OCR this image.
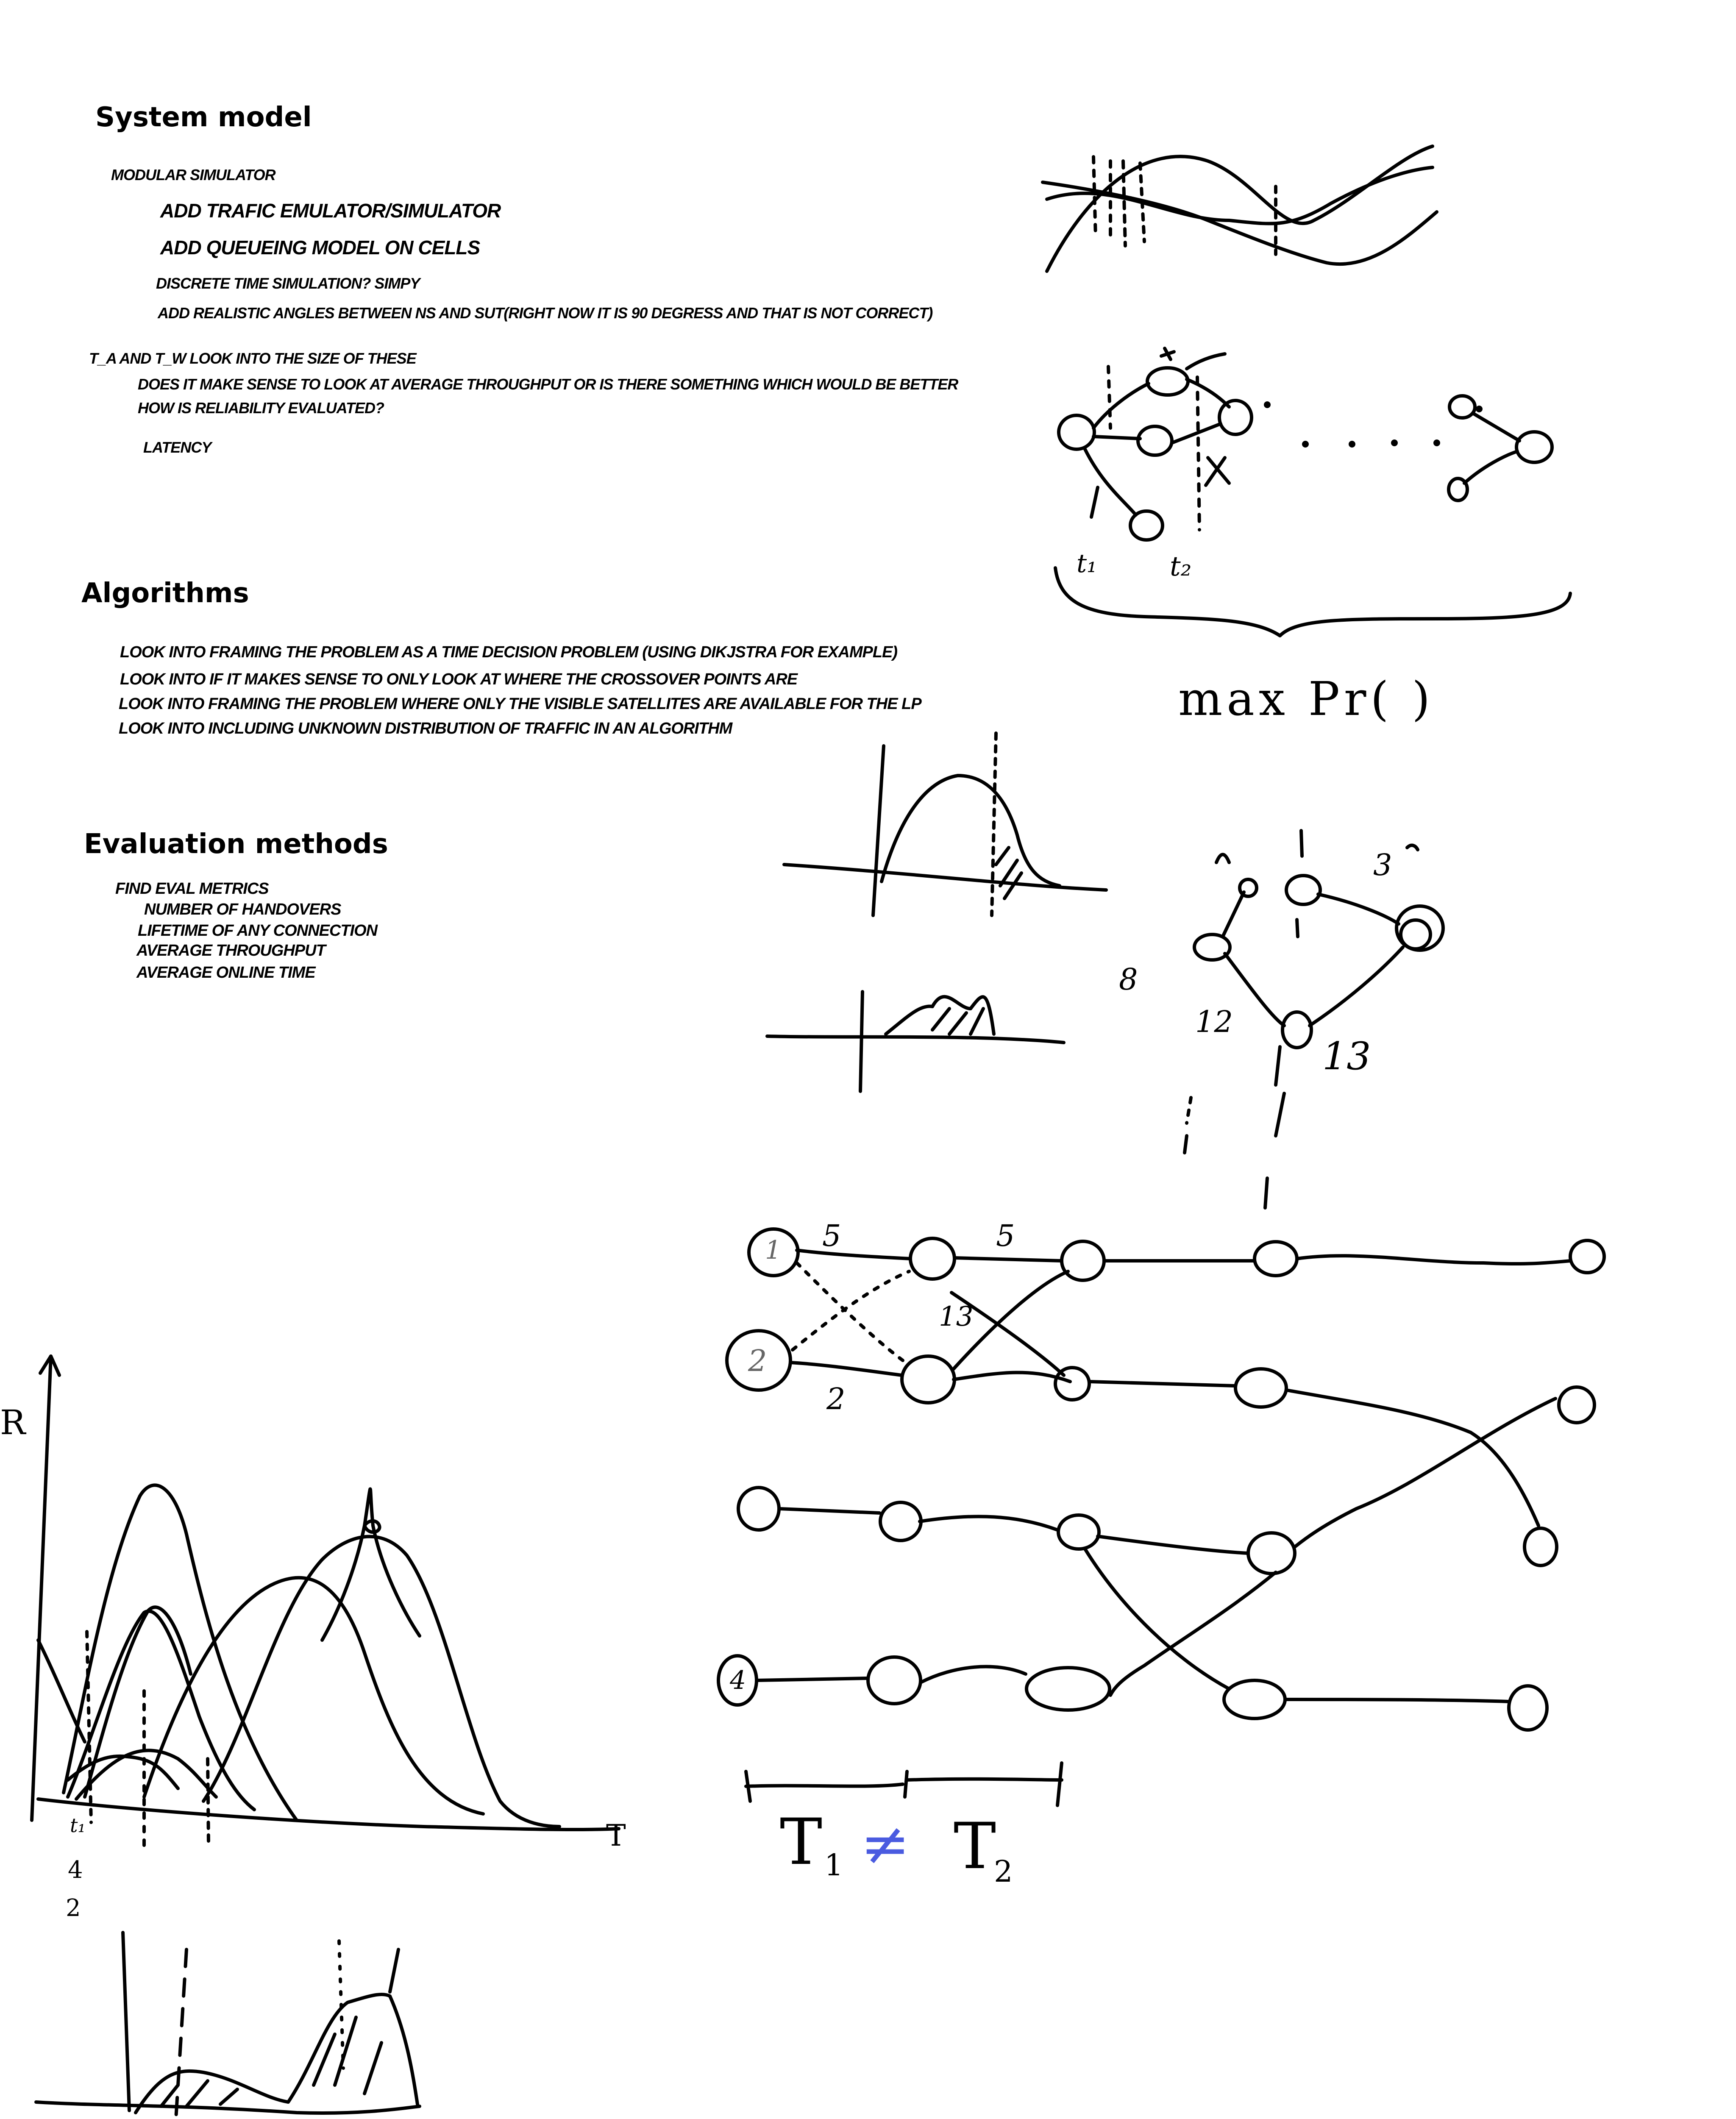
System model
MODULAR SIMULATOR
ADD TRAFIC EMULATOR/SIMULATOR
ADD QUEUEING MODEL ON CELLS
DISCRETE TIME SIMULATION? SIMPY
ADD REALISTIC ANGLES BETWEEN NS AND SUT(RIGHT NOW IT IS 90 DEGRESS AND THAT IS NOT CORRECT)
T_A AND T_W LOOK INTO THE SIZE OF THESE
DOES IT MAKE SENSE TO LOOK AT AVERAGE THROUGHPUT OR IS THERE SOMETHING WHICH WOULD BE BETTER
HOW IS RELIABILITY EVALUATED?
LATENCY
Algorithms
LOOK INTO FRAMING THE PROBLEM AS A TIME DECISION PROBLEM (USING DIKJSTRA FOR EXAMPLE)
LOOK INTO IF IT MAKES SENSE TO ONLY LOOK AT WHERE THE CROSSOVER POINTS ARE
LOOK INTO FRAMING THE PROBLEM WHERE ONLY THE VISIBLE SATELLITES ARE AVAILABLE FOR THE LP
LOOK INTO INCLUDING UNKNOWN DISTRIBUTION OF TRAFFIC IN AN ALGORITHM
Evaluation methods
FIND EVAL METRICS
NUMBER OF HANDOVERS
LIFETIME OF ANY CONNECTION
AVERAGE THROUGHPUT
AVERAGE ONLINE TIME
t₁	t₂
max Pr( )
8
12
13
3
1
2
4
5	5
13
2
R
T
t₁
4
2
T 1 ≠ T
2
